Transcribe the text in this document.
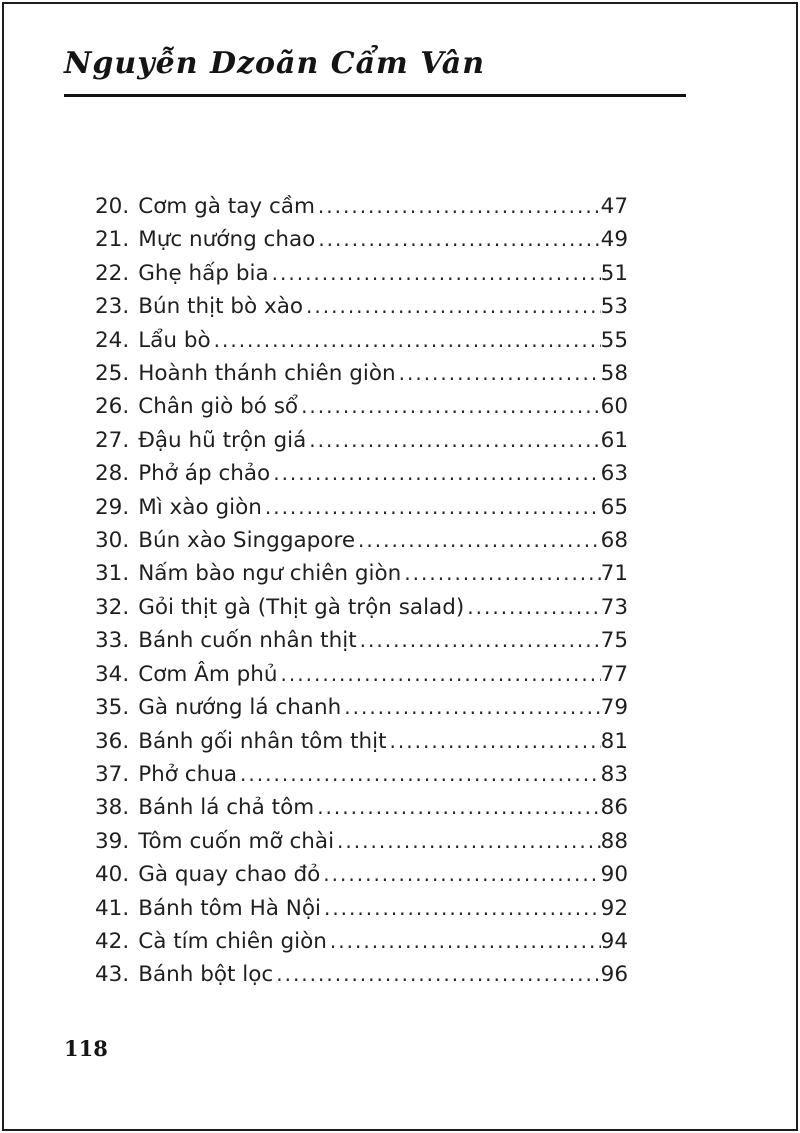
Nguyễn Dzoãn Cẩm Vân
20. Cơm gà tay cầm .....	47
21. Mực nướng chao .....	49
22. Ghẹ hấp bia .....	51
23. Bún thịt bò xào .....	53
24. Lẩu bò .....	55
25. Hoành thánh chiên giòn .....	58
26. Chân giò bó sổ .....	60
27. Đậu hũ trộn giá .....	61
28. Phở áp chảo .....	63
29. Mì xào giòn .....	65
30. Bún xào Singgapore .....	68
31. Nấm bào ngư chiên giòn .....	71
32. Gỏi thịt gà (Thịt gà trộn salad) .....	73
33. Bánh cuốn nhân thịt .....	75
34. Cơm Âm phủ .....	77
35. Gà nướng lá chanh .....	79
36. Bánh gối nhân tôm thịt .....	81
37. Phở chua .....	83
38. Bánh lá chả tôm .....	86
39. Tôm cuốn mỡ chài .....	88
40. Gà quay chao đỏ .....	90
41. Bánh tôm Hà Nội .....	92
42. Cà tím chiên giòn .....	94
43. Bánh bột lọc .....	96
118
